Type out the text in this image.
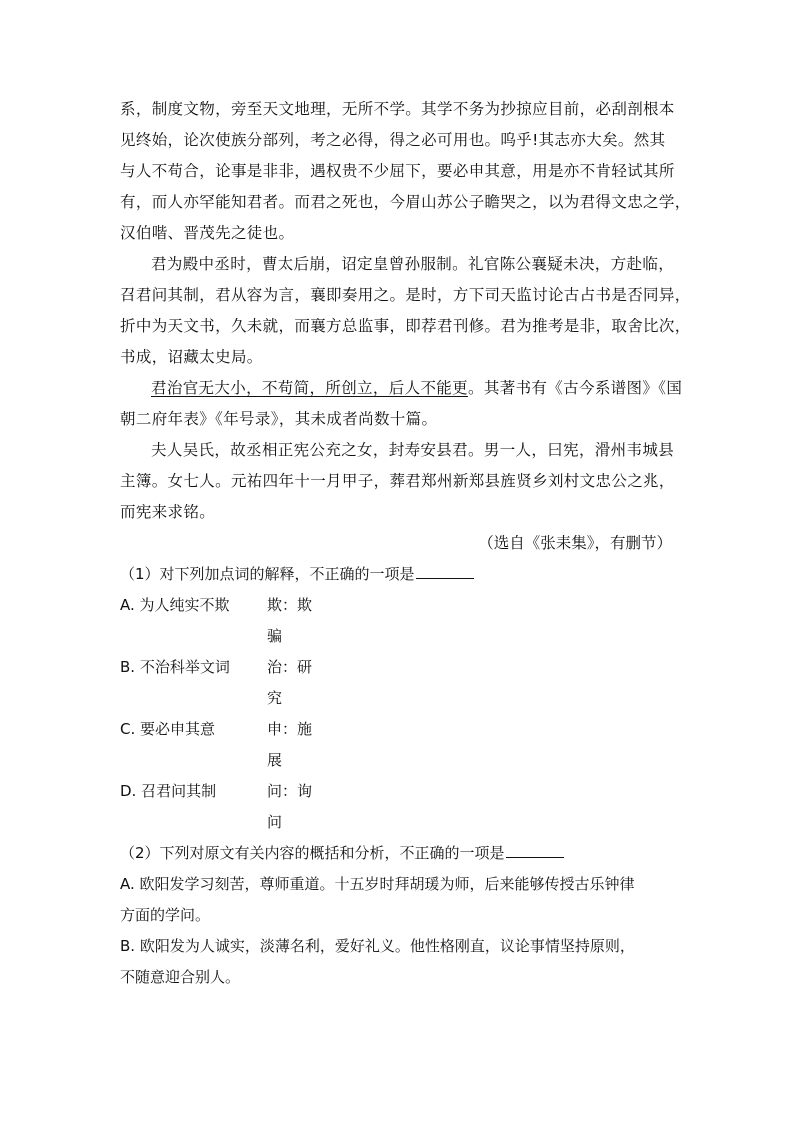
系，制度文物，旁至天文地理，无所不学。其学不务为抄掠应目前，必刮剖根本
见终始，论次使族分部列，考之必得，得之必可用也。呜乎!其志亦大矣。然其
与人不苟合，论事是非非，遇权贵不少屈下，要必申其意，用是亦不肯轻试其所
有，而人亦罕能知君者。而君之死也，今眉山苏公子瞻哭之，以为君得文忠之学，
汉伯喈、晋茂先之徒也。
君为殿中丞时，曹太后崩，诏定皇曾孙服制。礼官陈公襄疑未决，方赴临，
召君问其制，君从容为言，襄即奏用之。是时，方下司天监讨论古占书是否同异，
折中为天文书，久未就，而襄方总监事，即荐君刊修。君为推考是非，取舍比次，
书成，诏藏太史局。
君治官无大小，不苟简，所创立，后人不能更。其著书有《古今系谱图》《国
朝二府年表》《年号录》，其未成者尚数十篇。
夫人吴氏，故丞相正宪公充之女，封寿安县君。男一人，曰宪，滑州韦城县
主簿。女七人。元祐四年十一月甲子，葬君郑州新郑县旌贤乡刘村文忠公之兆，
而宪来求铭。
（选自《张耒集》，有删节）
（1）对下列加点词的解释，不正确的一项是
A. 为人纯实不欺 欺：欺骗
B. 不治科举文词 治：研究
C. 要必申其意	申：施展
D. 召君问其制	问：询问
（2）下列对原文有关内容的概括和分析，不正确的一项是
A. 欧阳发学习刻苦，尊师重道。十五岁时拜胡瑗为师，后来能够传授古乐钟律
方面的学问。
B. 欧阳发为人诚实，淡薄名利，爱好礼义。他性格刚直，议论事情坚持原则，
不随意迎合别人。
